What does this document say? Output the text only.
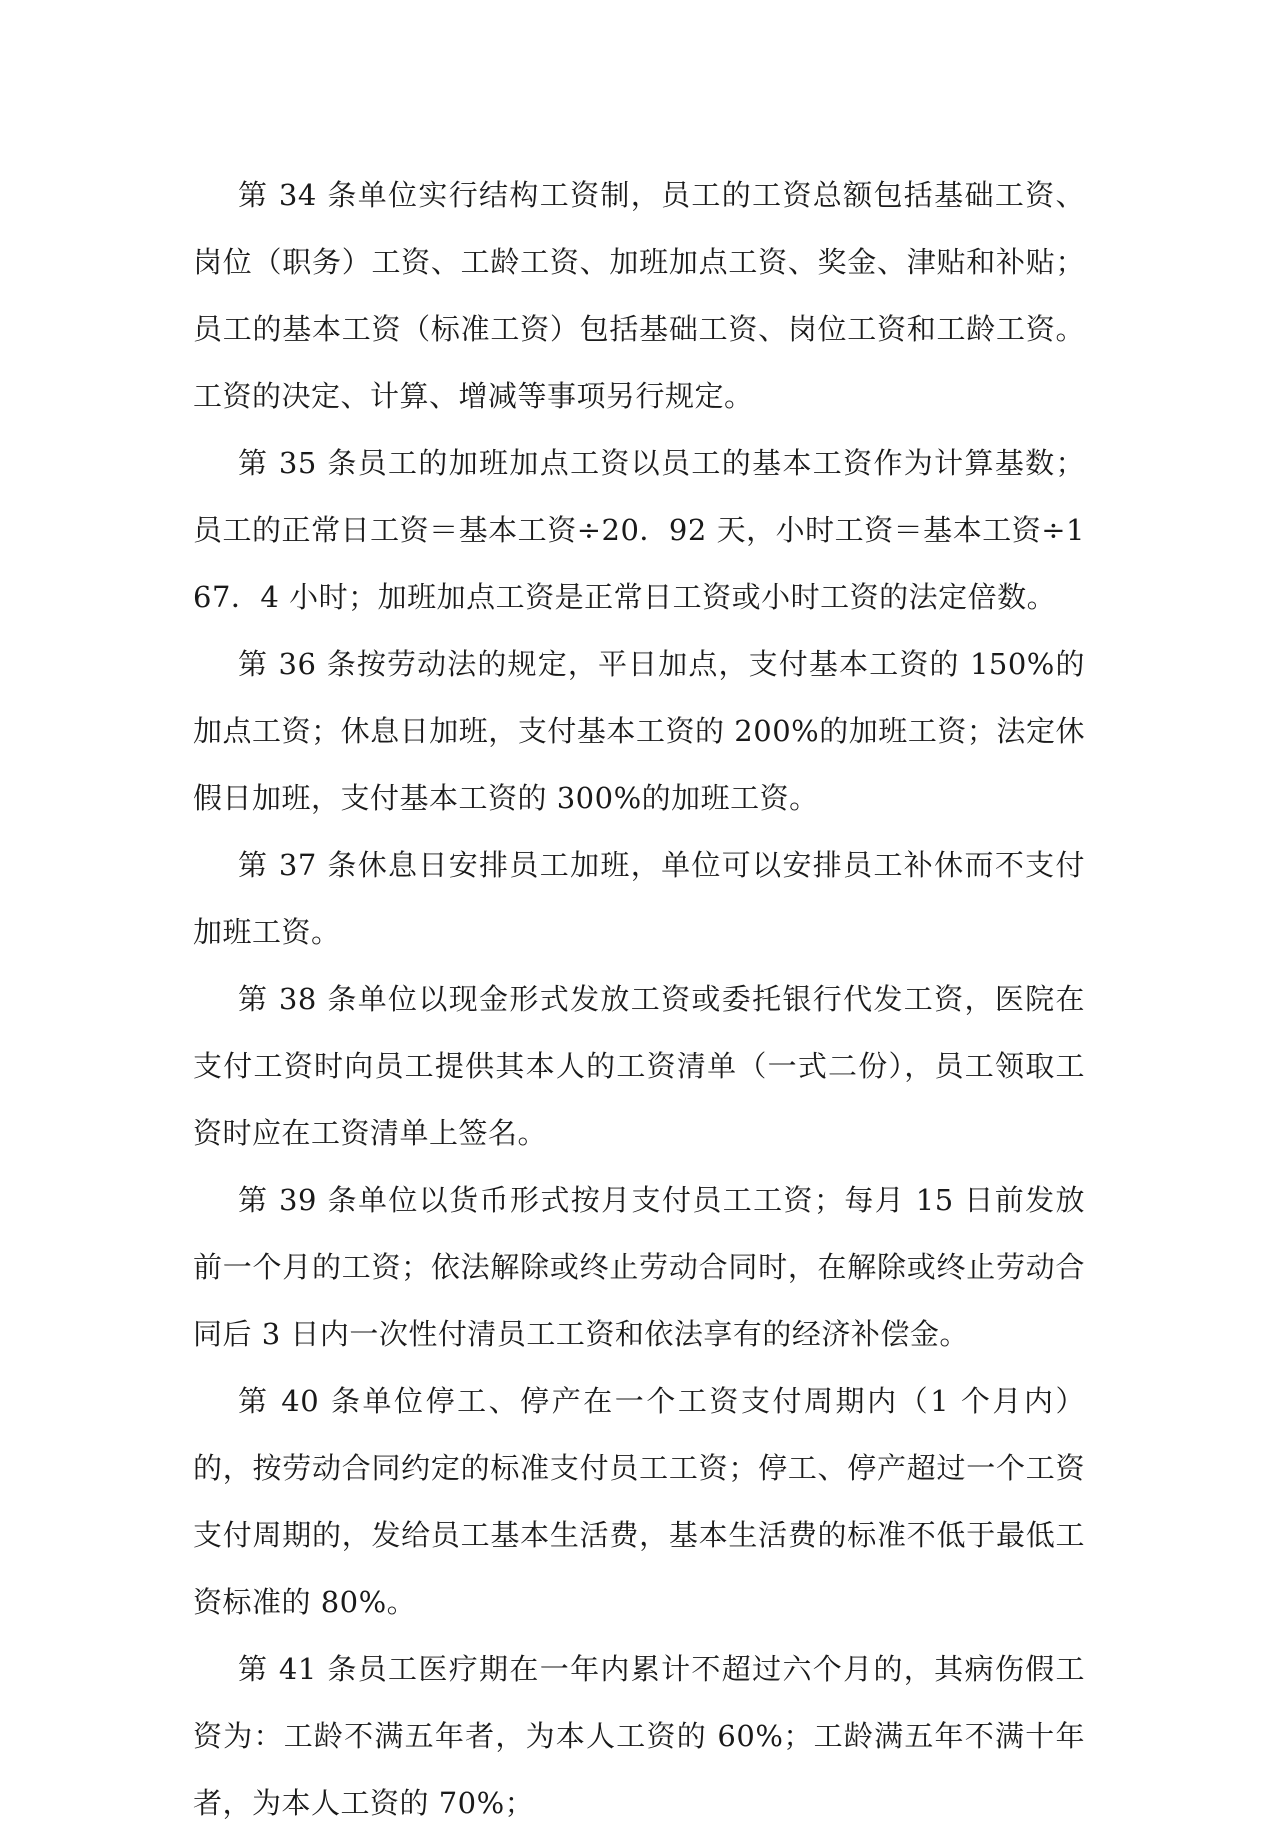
第 34 条单位实行结构工资制，员工的工资总额包括基础工资、岗位（职务）工资、工龄工资、加班加点工资、奖金、津贴和补贴；员工的基本工资（标准工资）包括基础工资、岗位工资和工龄工资。工资的决定、计算、增减等事项另行规定。

第 35 条员工的加班加点工资以员工的基本工资作为计算基数；员工的正常日工资＝基本工资÷20．92 天，小时工资＝基本工资÷167．4 小时；加班加点工资是正常日工资或小时工资的法定倍数。

第 36 条按劳动法的规定，平日加点，支付基本工资的 150%的加点工资；休息日加班，支付基本工资的 200%的加班工资；法定休假日加班，支付基本工资的 300%的加班工资。

第 37 条休息日安排员工加班，单位可以安排员工补休而不支付加班工资。

第 38 条单位以现金形式发放工资或委托银行代发工资，医院在支付工资时向员工提供其本人的工资清单（一式二份），员工领取工资时应在工资清单上签名。

第 39 条单位以货币形式按月支付员工工资；每月 15 日前发放前一个月的工资；依法解除或终止劳动合同时，在解除或终止劳动合同后 3 日内一次性付清员工工资和依法享有的经济补偿金。

第 40 条单位停工、停产在一个工资支付周期内（1 个月内）的，按劳动合同约定的标准支付员工工资；停工、停产超过一个工资支付周期的，发给员工基本生活费，基本生活费的标准不低于最低工资标准的 80%。

第 41 条员工医疗期在一年内累计不超过六个月的，其病伤假工资为：工龄不满五年者，为本人工资的 60%；工龄满五年不满十年者，为本人工资的 70%；
